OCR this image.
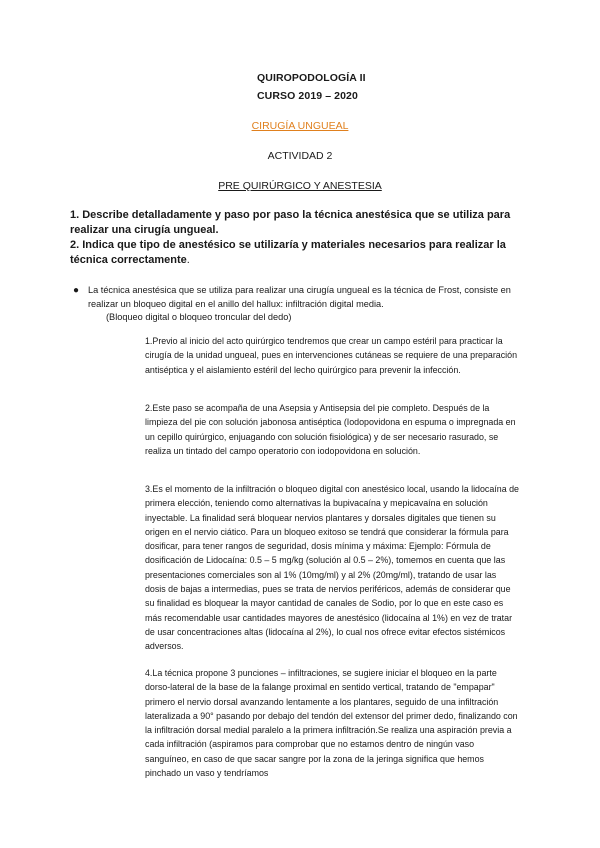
QUIROPODOLOGÍA II
CURSO 2019 – 2020
CIRUGÍA UNGUEAL
ACTIVIDAD 2
PRE QUIRÚRGICO Y ANESTESIA

1. Describe detalladamente y paso por paso la técnica anestésica que se utiliza para realizar una cirugía ungueal.

2. Indica que tipo de anestésico se utilizaría y materiales necesarios para realizar la técnica correctamente.

● La técnica anestésica que se utiliza para realizar una cirugía ungueal es la técnica de Frost, consiste en realizar un bloqueo digital en el anillo del hallux: infiltración digital media.
(Bloqueo digital o bloqueo troncular del dedo)

1.Previo al inicio del acto quirúrgico tendremos que crear un campo estéril para practicar la cirugía de la unidad ungueal, pues en intervenciones cutáneas se requiere de una preparación antiséptica y el aislamiento estéril del lecho quirúrgico para prevenir la infección.

2.Este paso se acompaña de una Asepsia y Antisepsia del pie completo. Después de la limpieza del pie con solución jabonosa antiséptica (Iodopovidona en espuma o impregnada en un cepillo quirúrgico, enjuagando con solución fisiológica) y de ser necesario rasurado, se realiza un tintado del campo operatorio con iodopovidona en solución.

3.Es el momento de la infiltración o bloqueo digital con anestésico local, usando la lidocaína de primera elección, teniendo como alternativas la bupivacaína y mepicavaína en solución inyectable. La finalidad será bloquear nervios plantares y dorsales digitales que tienen su origen en el nervio ciático. Para un bloqueo exitoso se tendrá que considerar la fórmula para dosificar, para tener rangos de seguridad, dosis mínima y máxima: Ejemplo: Fórmula de dosificación de Lidocaína: 0.5 – 5 mg/kg (solución al 0.5 – 2%), tomemos en cuenta que las presentaciones comerciales son al 1% (10mg/ml) y al 2% (20mg/ml), tratando de usar las dosis de bajas a intermedias, pues se trata de nervios periféricos, además de considerar que su finalidad es bloquear la mayor cantidad de canales de Sodio, por lo que en este caso es más recomendable usar cantidades mayores de anestésico (lidocaína al 1%) en vez de tratar de usar concentraciones altas (lidocaína al 2%), lo cual nos ofrece evitar efectos sistémicos adversos.

4.La técnica propone 3 punciones – infiltraciones, se sugiere iniciar el bloqueo en la parte dorso-lateral de la base de la falange proximal en sentido vertical, tratando de "empapar" primero el nervio dorsal avanzando lentamente a los plantares, seguido de una infiltración lateralizada a 90° pasando por debajo del tendón del extensor del primer dedo, finalizando con la infiltración dorsal medial paralelo a la primera infiltración.Se realiza una aspiración previa a cada infiltración (aspiramos para comprobar que no estamos dentro de ningún vaso sanguíneo, en caso de que sacar sangre por la zona de la jeringa significa que hemos pinchado un vaso y tendríamos
